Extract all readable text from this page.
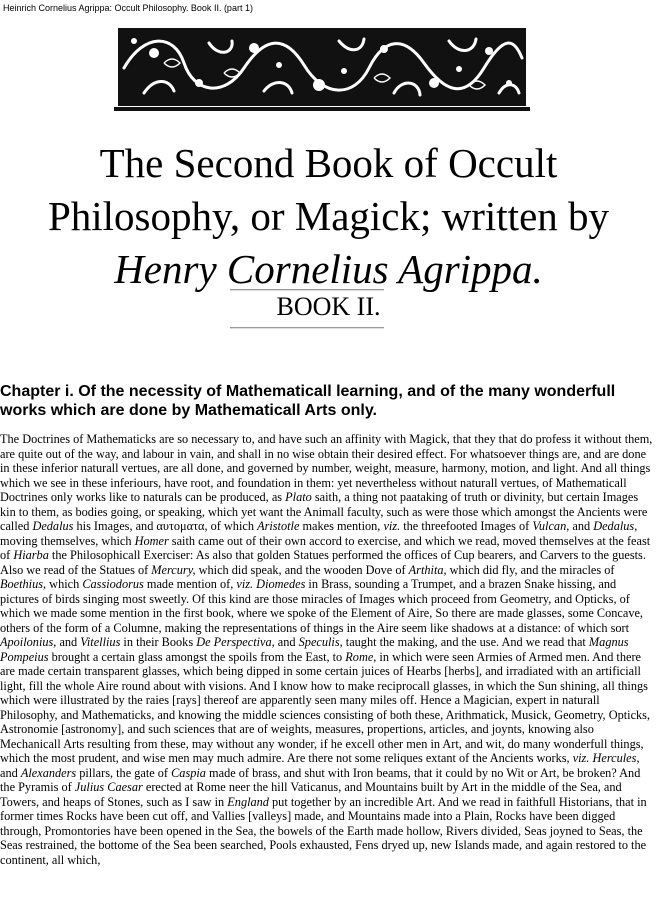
Heinrich Cornelius Agrippa: Occult Philosophy. Book II. (part 1)
The Second Book of Occult
Philosophy, or Magick; written by
Henry Cornelius Agrippa.
BOOK II.
Chapter i. Of the necessity of Mathematicall learning, and of the many wonderfull works which are done by Mathematicall Arts only.

The Doctrines of Mathematicks are so necessary to, and have such an affinity with Magick, that they that do profess it without them, are quite out of the way, and labour in vain, and shall in no wise obtain their desired effect. For whatsoever things are, and are done in these inferior naturall vertues, are all done, and governed by number, weight, measure, harmony, motion, and light. And all things which we see in these inferiours, have root, and foundation in them: yet nevertheless without naturall vertues, of Mathematicall Doctrines only works like to naturals can be produced, as Plato saith, a thing not paataking of truth or divinity, but certain Images kin to them, as bodies going, or speaking, which yet want the Animall faculty, such as were those which amongst the Ancients were called Dedalus his Images, and αυτοματα, of which Aristotle makes mention, viz. the threefooted Images of Vulcan, and Dedalus, moving themselves, which Homer saith came out of their own accord to exercise, and which we read, moved themselves at the feast of Hiarba the Philosophicall Exerciser: As also that golden Statues performed the offices of Cup bearers, and Carvers to the guests. Also we read of the Statues of Mercury, which did speak, and the wooden Dove of Arthita, which did fly, and the miracles of Boethius, which Cassiodorus made mention of, viz. Diomedes in Brass, sounding a Trumpet, and a brazen Snake hissing, and pictures of birds singing most sweetly. Of this kind are those miracles of Images which proceed from Geometry, and Opticks, of which we made some mention in the first book, where we spoke of the Element of Aire, So there are made glasses, some Concave, others of the form of a Columne, making the representations of things in the Aire seem like shadows at a distance: of which sort Apoilonius, and Vitellius in their Books De Perspectiva, and Speculis, taught the making, and the use. And we read that Magnus Pompeius brought a certain glass amongst the spoils from the East, to Rome, in which were seen Armies of Armed men. And there are made certain transparent glasses, which being dipped in some certain juices of Hearbs [herbs], and irradiated with an artificiall light, fill the whole Aire round about with visions. And I know how to make reciprocall glasses, in which the Sun shining, all things which were illustrated by the raies [rays] thereof are apparently seen many miles off. Hence a Magician, expert in naturall Philosophy, and Mathematicks, and knowing the middle sciences consisting of both these, Arithmatick, Musick, Geometry, Opticks, Astronomie [astronomy], and such sciences that are of weights, measures, propertions, articles, and joynts, knowing also Mechanicall Arts resulting from these, may without any wonder, if he excell other men in Art, and wit, do many wonderfull things, which the most prudent, and wise men may much admire. Are there not some reliques extant of the Ancients works, viz. Hercules, and Alexanders pillars, the gate of Caspia made of brass, and shut with Iron beams, that it could by no Wit or Art, be broken? And the Pyramis of Julius Caesar erected at Rome neer the hill Vaticanus, and Mountains built by Art in the middle of the Sea, and Towers, and heaps of Stones, such as I saw in England put together by an incredible Art. And we read in faithfull Historians, that in former times Rocks have been cut off, and Vallies [valleys] made, and Mountains made into a Plain, Rocks have been digged through, Promontories have been opened in the Sea, the bowels of the Earth made hollow, Rivers divided, Seas joyned to Seas, the Seas restrained, the bottome of the Sea been searched, Pools exhausted, Fens dryed up, new Islands made, and again restored to the continent, all which,
